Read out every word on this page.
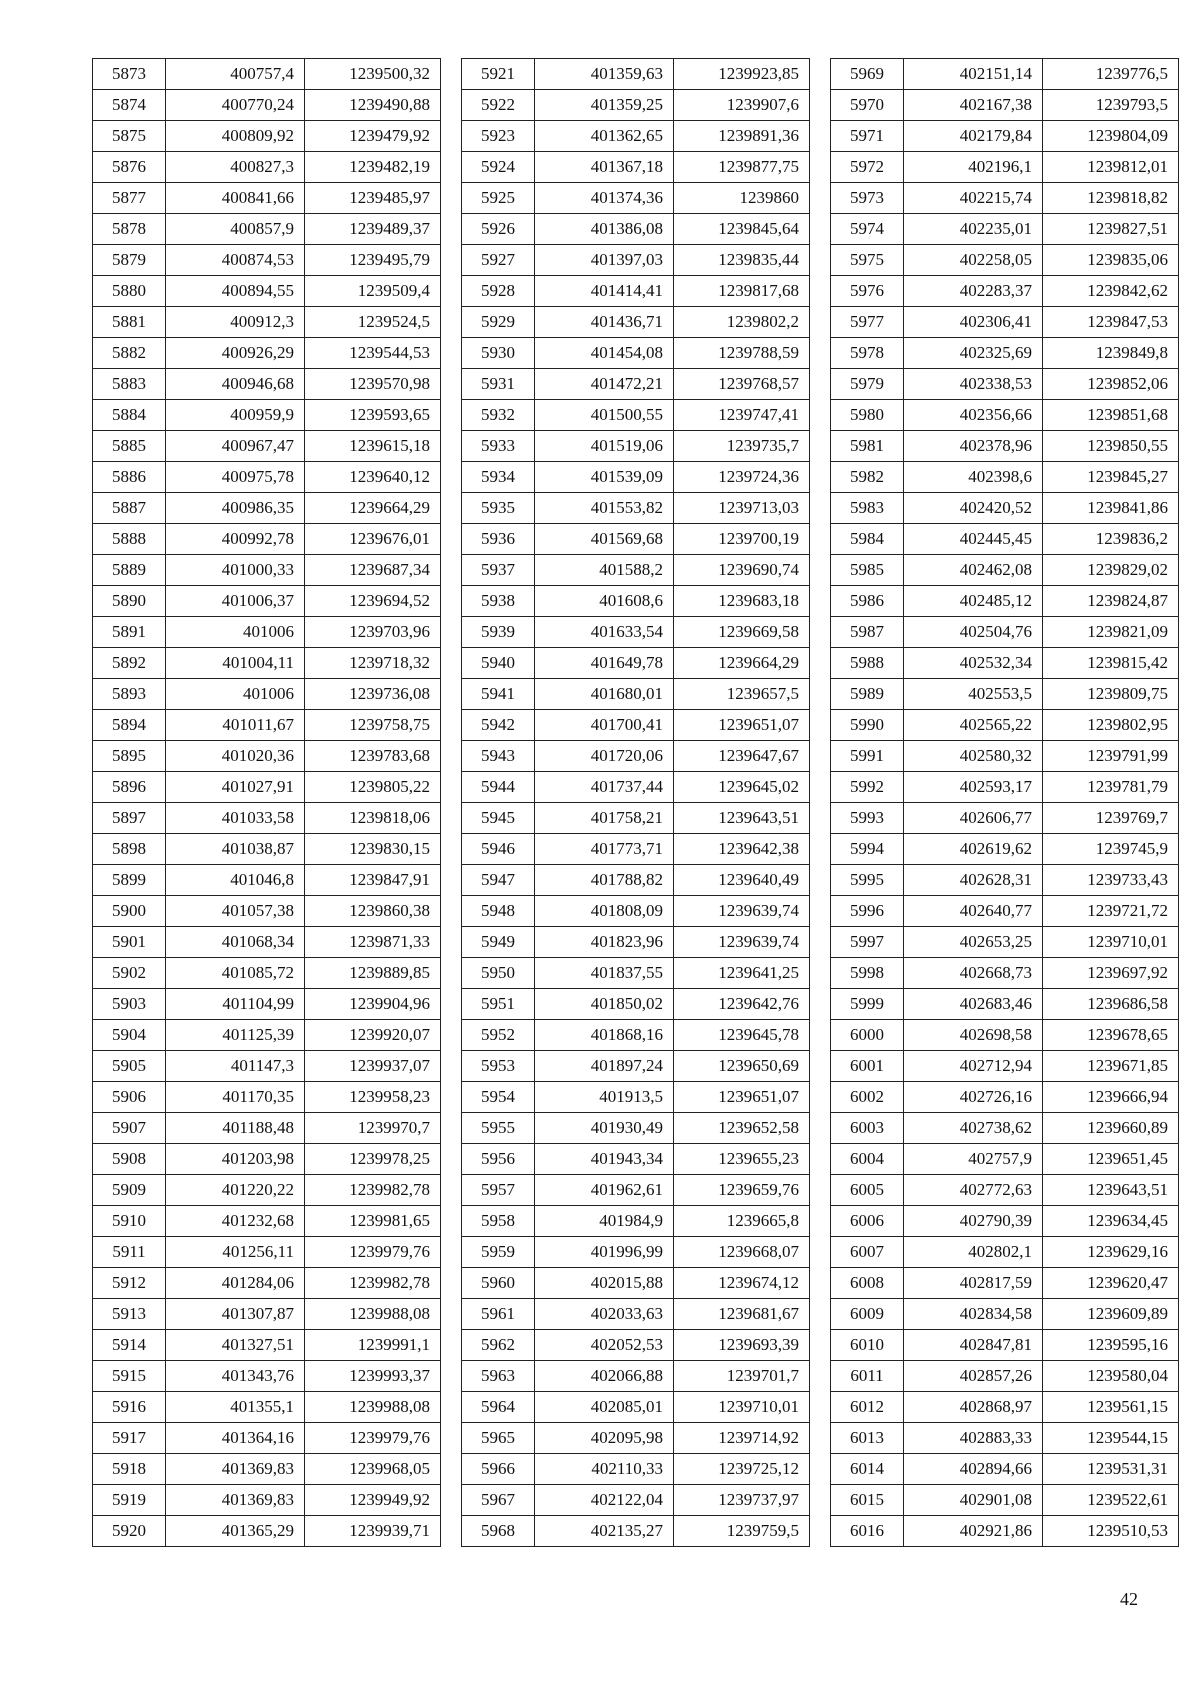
5873	400757,4	1239500,32
5874	400770,24	1239490,88
5875	400809,92	1239479,92
5876	400827,3	1239482,19
5877	400841,66	1239485,97
5878	400857,9	1239489,37
5879	400874,53	1239495,79
5880	400894,55	1239509,4
5881	400912,3	1239524,5
5882	400926,29	1239544,53
5883	400946,68	1239570,98
5884	400959,9	1239593,65
5885	400967,47	1239615,18
5886	400975,78	1239640,12
5887	400986,35	1239664,29
5888	400992,78	1239676,01
5889	401000,33	1239687,34
5890	401006,37	1239694,52
5891	401006	1239703,96
5892	401004,11	1239718,32
5893	401006	1239736,08
5894	401011,67	1239758,75
5895	401020,36	1239783,68
5896	401027,91	1239805,22
5897	401033,58	1239818,06
5898	401038,87	1239830,15
5899	401046,8	1239847,91
5900	401057,38	1239860,38
5901	401068,34	1239871,33
5902	401085,72	1239889,85
5903	401104,99	1239904,96
5904	401125,39	1239920,07
5905	401147,3	1239937,07
5906	401170,35	1239958,23
5907	401188,48	1239970,7
5908	401203,98	1239978,25
5909	401220,22	1239982,78
5910	401232,68	1239981,65
5911	401256,11	1239979,76
5912	401284,06	1239982,78
5913	401307,87	1239988,08
5914	401327,51	1239991,1
5915	401343,76	1239993,37
5916	401355,1	1239988,08
5917	401364,16	1239979,76
5918	401369,83	1239968,05
5919	401369,83	1239949,92
5920	401365,29	1239939,71
5921	401359,63	1239923,85
5922	401359,25	1239907,6
5923	401362,65	1239891,36
5924	401367,18	1239877,75
5925	401374,36	1239860
5926	401386,08	1239845,64
5927	401397,03	1239835,44
5928	401414,41	1239817,68
5929	401436,71	1239802,2
5930	401454,08	1239788,59
5931	401472,21	1239768,57
5932	401500,55	1239747,41
5933	401519,06	1239735,7
5934	401539,09	1239724,36
5935	401553,82	1239713,03
5936	401569,68	1239700,19
5937	401588,2	1239690,74
5938	401608,6	1239683,18
5939	401633,54	1239669,58
5940	401649,78	1239664,29
5941	401680,01	1239657,5
5942	401700,41	1239651,07
5943	401720,06	1239647,67
5944	401737,44	1239645,02
5945	401758,21	1239643,51
5946	401773,71	1239642,38
5947	401788,82	1239640,49
5948	401808,09	1239639,74
5949	401823,96	1239639,74
5950	401837,55	1239641,25
5951	401850,02	1239642,76
5952	401868,16	1239645,78
5953	401897,24	1239650,69
5954	401913,5	1239651,07
5955	401930,49	1239652,58
5956	401943,34	1239655,23
5957	401962,61	1239659,76
5958	401984,9	1239665,8
5959	401996,99	1239668,07
5960	402015,88	1239674,12
5961	402033,63	1239681,67
5962	402052,53	1239693,39
5963	402066,88	1239701,7
5964	402085,01	1239710,01
5965	402095,98	1239714,92
5966	402110,33	1239725,12
5967	402122,04	1239737,97
5968	402135,27	1239759,5
5969	402151,14	1239776,5
5970	402167,38	1239793,5
5971	402179,84	1239804,09
5972	402196,1	1239812,01
5973	402215,74	1239818,82
5974	402235,01	1239827,51
5975	402258,05	1239835,06
5976	402283,37	1239842,62
5977	402306,41	1239847,53
5978	402325,69	1239849,8
5979	402338,53	1239852,06
5980	402356,66	1239851,68
5981	402378,96	1239850,55
5982	402398,6	1239845,27
5983	402420,52	1239841,86
5984	402445,45	1239836,2
5985	402462,08	1239829,02
5986	402485,12	1239824,87
5987	402504,76	1239821,09
5988	402532,34	1239815,42
5989	402553,5	1239809,75
5990	402565,22	1239802,95
5991	402580,32	1239791,99
5992	402593,17	1239781,79
5993	402606,77	1239769,7
5994	402619,62	1239745,9
5995	402628,31	1239733,43
5996	402640,77	1239721,72
5997	402653,25	1239710,01
5998	402668,73	1239697,92
5999	402683,46	1239686,58
6000	402698,58	1239678,65
6001	402712,94	1239671,85
6002	402726,16	1239666,94
6003	402738,62	1239660,89
6004	402757,9	1239651,45
6005	402772,63	1239643,51
6006	402790,39	1239634,45
6007	402802,1	1239629,16
6008	402817,59	1239620,47
6009	402834,58	1239609,89
6010	402847,81	1239595,16
6011	402857,26	1239580,04
6012	402868,97	1239561,15
6013	402883,33	1239544,15
6014	402894,66	1239531,31
6015	402901,08	1239522,61
6016	402921,86	1239510,53
42
